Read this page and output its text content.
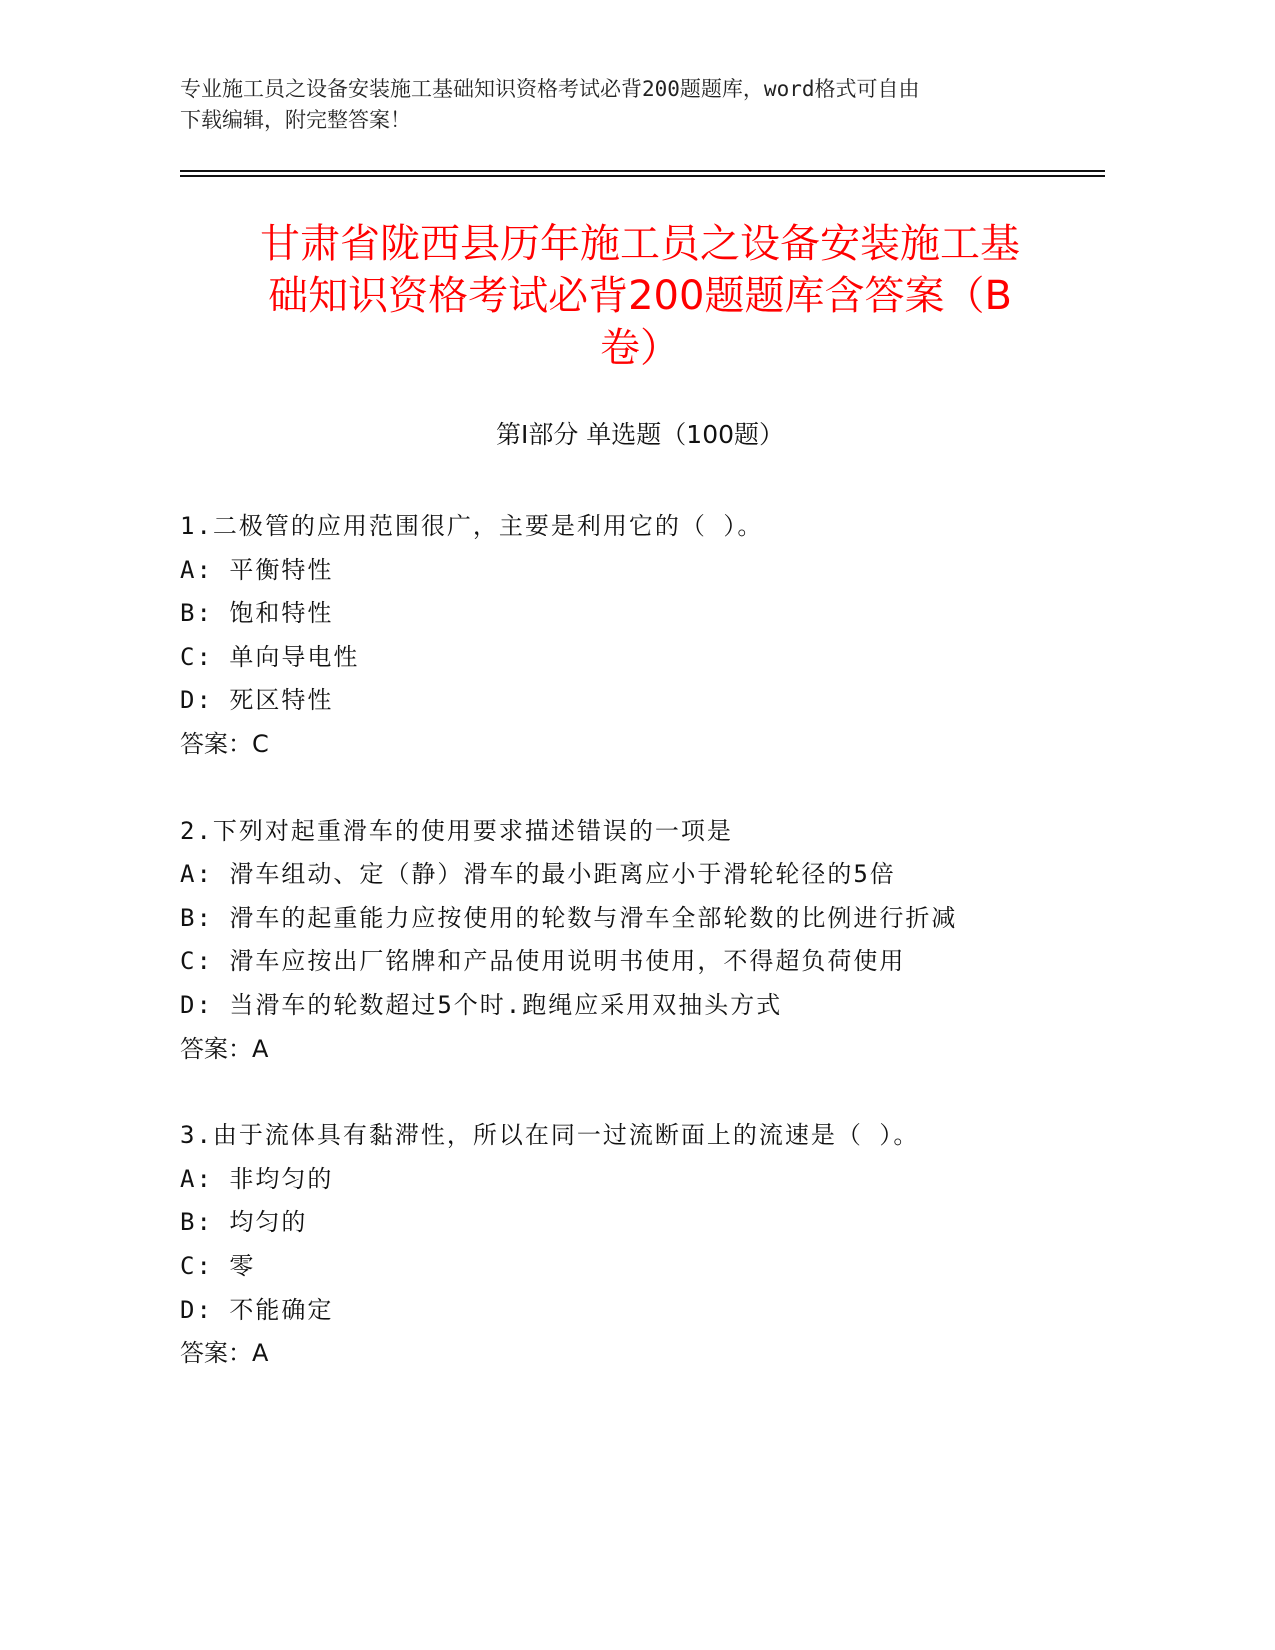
专业施工员之设备安装施工基础知识资格考试必背200题题库，word格式可自由
下载编辑，附完整答案！
甘肃省陇西县历年施工员之设备安装施工基
础知识资格考试必背200题题库含答案（B
卷）
第Ⅰ部分 单选题（100题）
1.二极管的应用范围很广，主要是利用它的（ ）。
A: 平衡特性
B: 饱和特性
C: 单向导电性
D: 死区特性
答案：C
2.下列对起重滑车的使用要求描述错误的一项是
A: 滑车组动、定（静）滑车的最小距离应小于滑轮轮径的5倍
B: 滑车的起重能力应按使用的轮数与滑车全部轮数的比例进行折减
C: 滑车应按出厂铭牌和产品使用说明书使用，不得超负荷使用
D: 当滑车的轮数超过5个时.跑绳应采用双抽头方式
答案：A
3.由于流体具有黏滞性，所以在同一过流断面上的流速是（ ）。
A: 非均匀的
B: 均匀的
C: 零
D: 不能确定
答案：A
